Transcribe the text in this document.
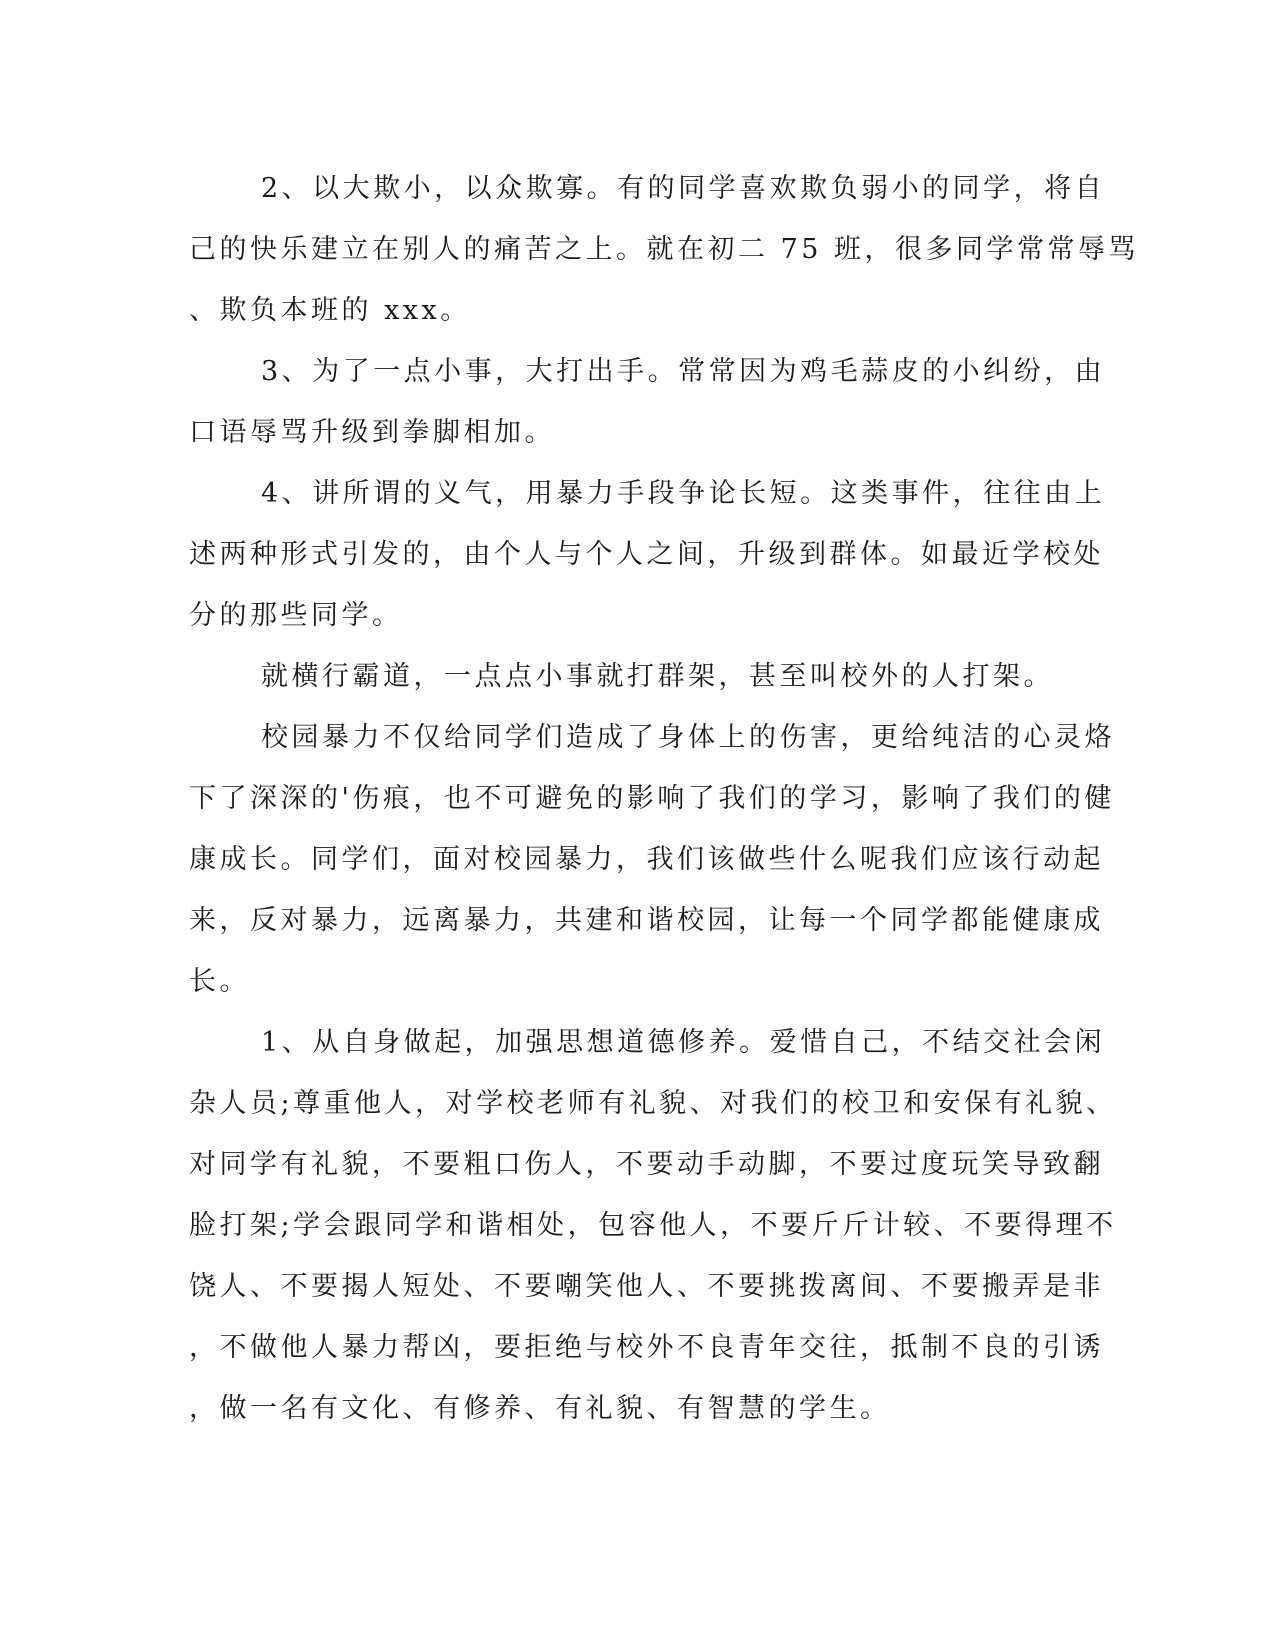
2、以大欺小，以众欺寡。有的同学喜欢欺负弱小的同学，将自
己的快乐建立在别人的痛苦之上。就在初二 75 班，很多同学常常辱骂
、欺负本班的 xxx。
3、为了一点小事，大打出手。常常因为鸡毛蒜皮的小纠纷，由
口语辱骂升级到拳脚相加。
4、讲所谓的义气，用暴力手段争论长短。这类事件，往往由上
述两种形式引发的，由个人与个人之间，升级到群体。如最近学校处
分的那些同学。
就横行霸道，一点点小事就打群架，甚至叫校外的人打架。
校园暴力不仅给同学们造成了身体上的伤害，更给纯洁的心灵烙
下了深深的'伤痕，也不可避免的影响了我们的学习，影响了我们的健
康成长。同学们，面对校园暴力，我们该做些什么呢我们应该行动起
来，反对暴力，远离暴力，共建和谐校园，让每一个同学都能健康成
长。
1、从自身做起，加强思想道德修养。爱惜自己，不结交社会闲
杂人员;尊重他人，对学校老师有礼貌、对我们的校卫和安保有礼貌、
对同学有礼貌，不要粗口伤人，不要动手动脚，不要过度玩笑导致翻
脸打架;学会跟同学和谐相处，包容他人，不要斤斤计较、不要得理不
饶人、不要揭人短处、不要嘲笑他人、不要挑拨离间、不要搬弄是非
，不做他人暴力帮凶，要拒绝与校外不良青年交往，抵制不良的引诱
，做一名有文化、有修养、有礼貌、有智慧的学生。
